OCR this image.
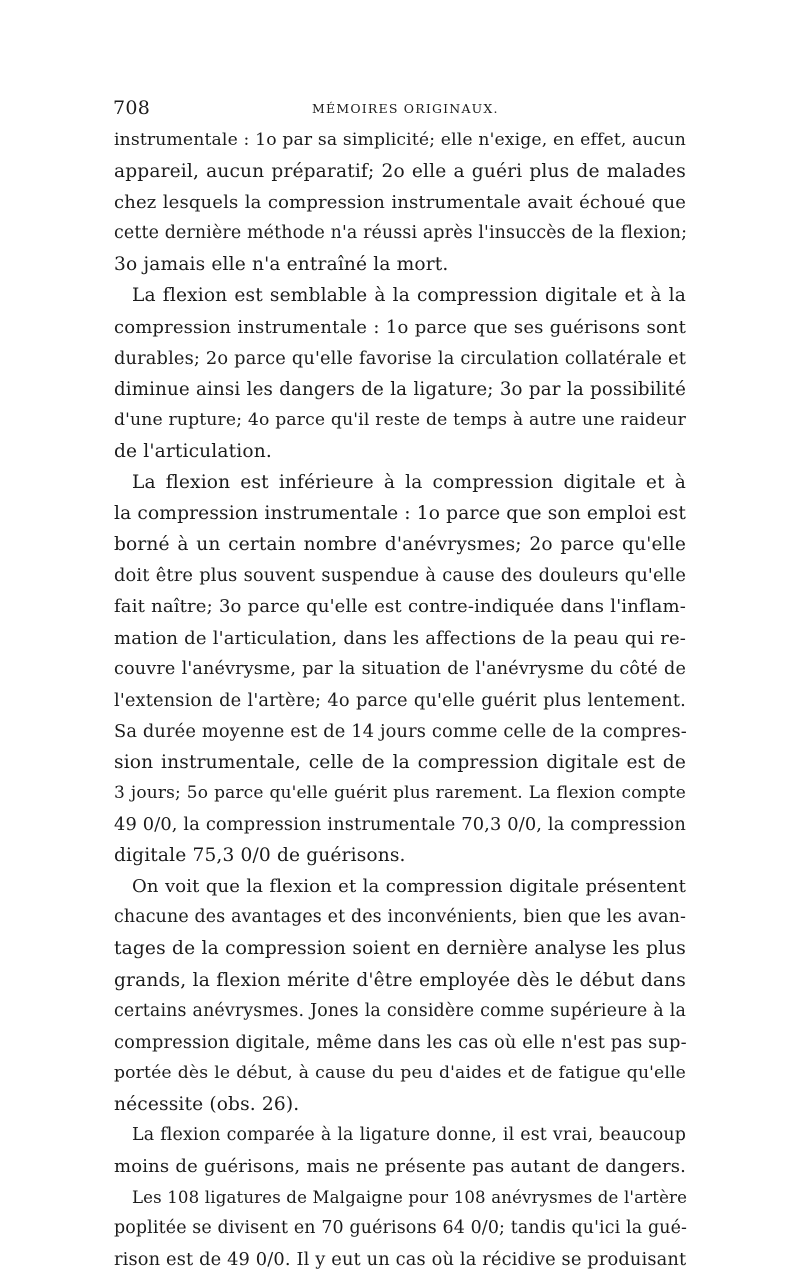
708	MÉMOIRES ORIGINAUX.
instrumentale : 1o par sa simplicité; elle n'exige, en effet, aucun
appareil, aucun préparatif; 2o elle a guéri plus de malades
chez lesquels la compression instrumentale avait échoué que
cette dernière méthode n'a réussi après l'insuccès de la flexion;
3o jamais elle n'a entraîné la mort.
La flexion est semblable à la compression digitale et à la
compression instrumentale : 1o parce que ses guérisons sont
durables; 2o parce qu'elle favorise la circulation collatérale et
diminue ainsi les dangers de la ligature; 3o par la possibilité
d'une rupture; 4o parce qu'il reste de temps à autre une raideur
de l'articulation.
La flexion est inférieure à la compression digitale et à
la compression instrumentale : 1o parce que son emploi est
borné à un certain nombre d'anévrysmes; 2o parce qu'elle
doit être plus souvent suspendue à cause des douleurs qu'elle
fait naître; 3o parce qu'elle est contre-indiquée dans l'inflam-
mation de l'articulation, dans les affections de la peau qui re-
couvre l'anévrysme, par la situation de l'anévrysme du côté de
l'extension de l'artère; 4o parce qu'elle guérit plus lentement.
Sa durée moyenne est de 14 jours comme celle de la compres-
sion instrumentale, celle de la compression digitale est de
3 jours; 5o parce qu'elle guérit plus rarement. La flexion compte
49 0/0, la compression instrumentale 70,3 0/0, la compression
digitale 75,3 0/0 de guérisons.
On voit que la flexion et la compression digitale présentent
chacune des avantages et des inconvénients, bien que les avan-
tages de la compression soient en dernière analyse les plus
grands, la flexion mérite d'être employée dès le début dans
certains anévrysmes. Jones la considère comme supérieure à la
compression digitale, même dans les cas où elle n'est pas sup-
portée dès le début, à cause du peu d'aides et de fatigue qu'elle
nécessite (obs. 26).
La flexion comparée à la ligature donne, il est vrai, beaucoup
moins de guérisons, mais ne présente pas autant de dangers.
Les 108 ligatures de Malgaigne pour 108 anévrysmes de l'artère
poplitée se divisent en 70 guérisons 64 0/0; tandis qu'ici la gué-
rison est de 49 0/0. Il y eut un cas où la récidive se produisant
